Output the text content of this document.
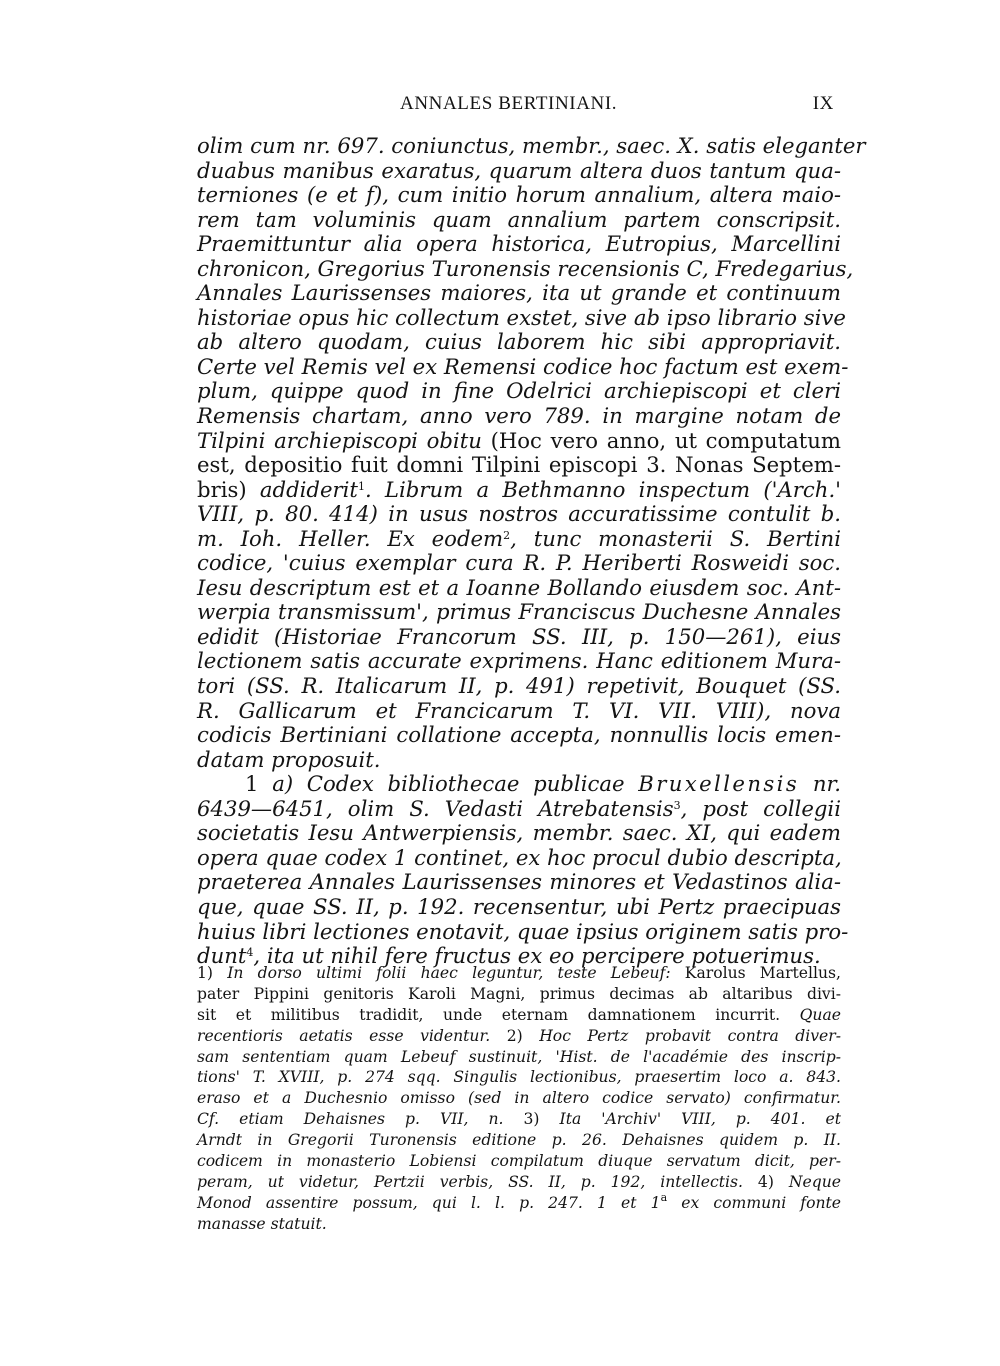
ANNALES BERTINIANI.	IX
olim cum nr. 697. coniunctus, membr., saec. X. satis eleganter
duabus manibus exaratus, quarum altera duos tantum qua-
terniones (e et f), cum initio horum annalium, altera maio-
rem tam voluminis quam annalium partem conscripsit.
Praemittuntur alia opera historica, Eutropius, Marcellini
chronicon, Gregorius Turonensis recensionis C, Fredegarius,
Annales Laurissenses maiores, ita ut grande et continuum
historiae opus hic collectum exstet, sive ab ipso librario sive
ab altero quodam, cuius laborem hic sibi appropriavit.
Certe vel Remis vel ex Remensi codice hoc factum est exem-
plum, quippe quod in fine Odelrici archiepiscopi et cleri
Remensis chartam, anno vero 789. in margine notam de
Tilpini archiepiscopi obitu (Hoc vero anno, ut computatum
est, depositio fuit domni Tilpini episcopi 3. Nonas Septem-
bris) addiderit$^1$. Librum a Bethmanno inspectum ('Arch.'
VIII, p. 80. 414) in usus nostros accuratissime contulit b.
m. Ioh. Heller. Ex eodem$^2$, tunc monasterii S. Bertini
codice, 'cuius exemplar cura R. P. Heriberti Rosweidi soc.
Iesu descriptum est et a Ioanne Bollando eiusdem soc. Ant-
werpia transmissum', primus Franciscus Duchesne Annales
edidit (Historiae Francorum SS. III, p. 150—261), eius
lectionem satis accurate exprimens. Hanc editionem Mura-
tori (SS. R. Italicarum II, p. 491) repetivit, Bouquet (SS.
R. Gallicarum et Francicarum T. VI. VII. VIII), nova
codicis Bertiniani collatione accepta, nonnullis locis emen-
datam proposuit.
1 a) Codex bibliothecae publicae Bruxellensis nr.
6439—6451, olim S. Vedasti Atrebatensis$^3$, post collegii
societatis Iesu Antwerpiensis, membr. saec. XI, qui eadem
opera quae codex 1 continet, ex hoc procul dubio descripta,
praeterea Annales Laurissenses minores et Vedastinos alia-
que, quae SS. II, p. 192. recensentur, ubi Pertz praecipuas
huius libri lectiones enotavit, quae ipsius originem satis pro-
dunt$^4$, ita ut nihil fere fructus ex eo percipere potuerimus.
1) In dorso ultimi folii haec leguntur, teste Lebeuf: Karolus Martellus,
pater Pippini genitoris Karoli Magni, primus decimas ab altaribus divi-
sit et militibus tradidit, unde eternam damnationem incurrit. Quae
recentioris aetatis esse videntur. 2) Hoc Pertz probavit contra diver-
sam sententiam quam Lebeuf sustinuit, 'Hist. de l'académie des inscrip-
tions' T. XVIII, p. 274 sqq. Singulis lectionibus, praesertim loco a. 843.
eraso et a Duchesnio omisso (sed in altero codice servato) confirmatur.
Cf. etiam Dehaisnes p. VII, n. 3) Ita 'Archiv' VIII, p. 401. et
Arndt in Gregorii Turonensis editione p. 26. Dehaisnes quidem p. II.
codicem in monasterio Lobiensi compilatum diuque servatum dicit, per-
peram, ut videtur, Pertzii verbis, SS. II, p. 192, intellectis. 4) Neque
Monod assentire possum, qui l. l. p. 247. 1 et 1$^a$ ex communi fonte
manasse statuit.
